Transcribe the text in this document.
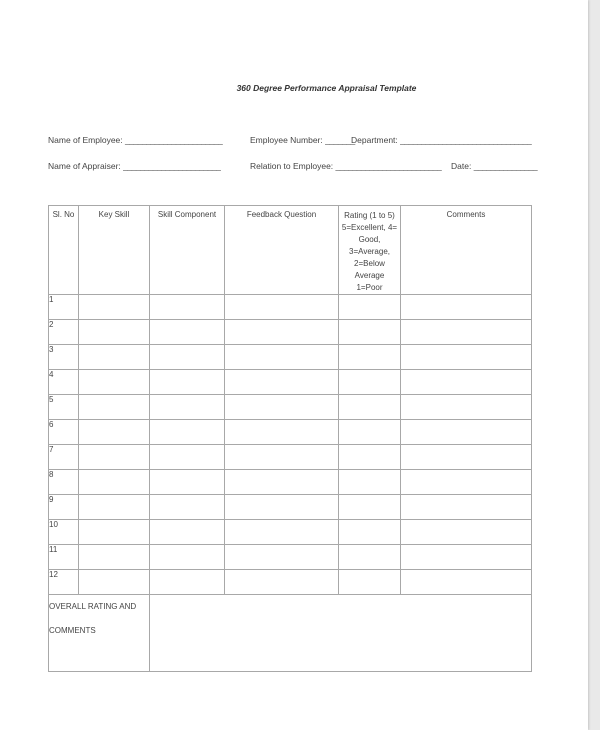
360 Degree Performance Appraisal Template
Name of Employee: _______________________	Employee Number: _______
Department: _______________________________
Name of Appraiser: _______________________	Relation to Employee: _________________________ Date: _______________
Sl. No	Key Skill	Skill Component	Feedback Question	Rating (1 to 5)
5=Excellent, 4=
Good, 3=Average,
2=Below Average
1=Poor	Comments
1					
2					
3					
4					
5					
6					
7					
8					
9					
10					
11					
12					

OVERALL RATING AND
COMMENTS					
